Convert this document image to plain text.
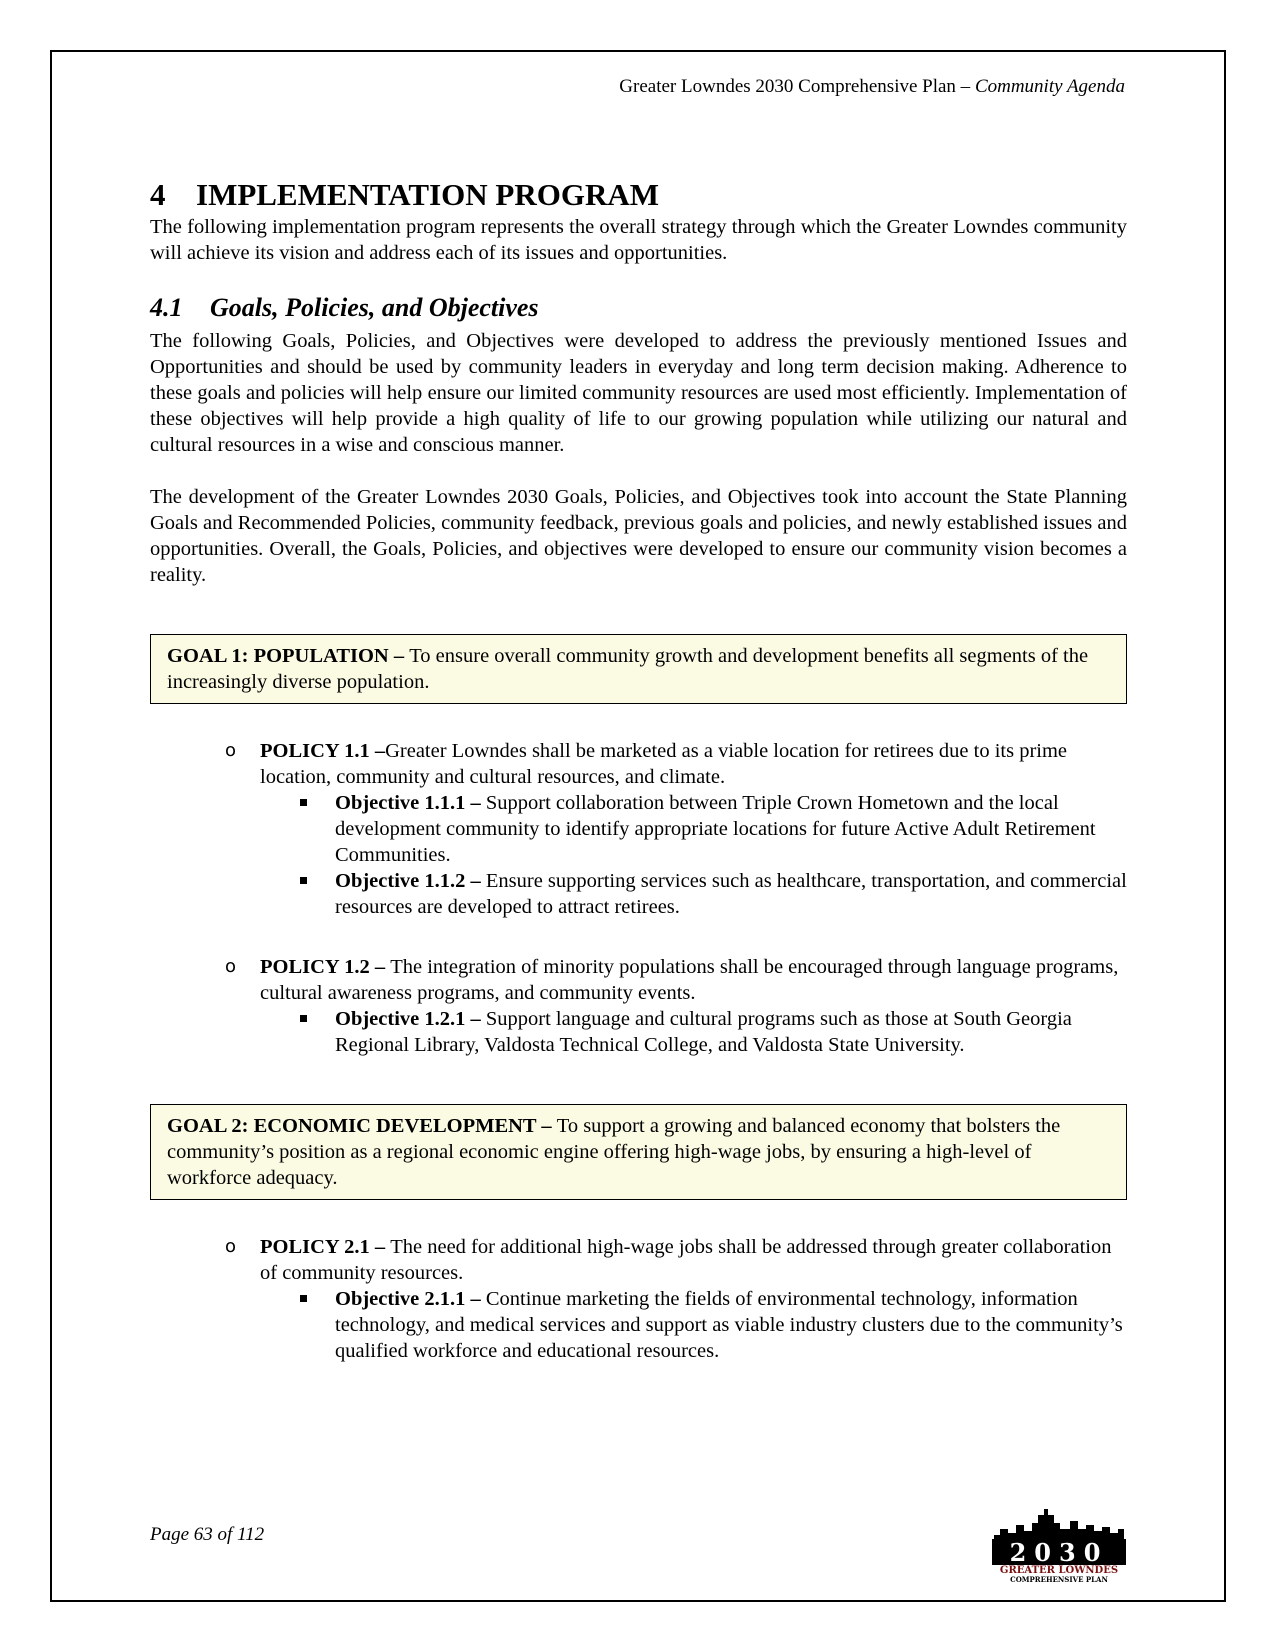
Greater Lowndes 2030 Comprehensive Plan – Community Agenda
4 IMPLEMENTATION PROGRAM

The following implementation program represents the overall strategy through which the Greater Lowndes community will achieve its vision and address each of its issues and opportunities.

4.1 Goals, Policies, and Objectives

The following Goals, Policies, and Objectives were developed to address the previously mentioned Issues and Opportunities and should be used by community leaders in everyday and long term decision making. Adherence to these goals and policies will help ensure our limited community resources are used most efficiently. Implementation of these objectives will help provide a high quality of life to our growing population while utilizing our natural and cultural resources in a wise and conscious manner.

The development of the Greater Lowndes 2030 Goals, Policies, and Objectives took into account the State Planning Goals and Recommended Policies, community feedback, previous goals and policies, and newly established issues and opportunities. Overall, the Goals, Policies, and objectives were developed to ensure our community vision becomes a reality.

GOAL 1: POPULATION – To ensure overall community growth and development benefits all segments of the increasingly diverse population.
o POLICY 1.1 –Greater Lowndes shall be marketed as a viable location for retirees due to its prime location, community and cultural resources, and climate.
Objective 1.1.1 – Support collaboration between Triple Crown Hometown and the local development community to identify appropriate locations for future Active Adult Retirement Communities.
Objective 1.1.2 – Ensure supporting services such as healthcare, transportation, and commercial resources are developed to attract retirees.
o POLICY 1.2 – The integration of minority populations shall be encouraged through language programs, cultural awareness programs, and community events.
Objective 1.2.1 – Support language and cultural programs such as those at South Georgia Regional Library, Valdosta Technical College, and Valdosta State University.
GOAL 2: ECONOMIC DEVELOPMENT – To support a growing and balanced economy that bolsters the community’s position as a regional economic engine offering high-wage jobs, by ensuring a high-level of workforce adequacy.
o POLICY 2.1 – The need for additional high-wage jobs shall be addressed through greater collaboration of community resources.
Objective 2.1.1 – Continue marketing the fields of environmental technology, information technology, and medical services and support as viable industry clusters due to the community’s qualified workforce and educational resources.
Page 63 of 112
2030
GREATER LOWNDES
COMPREHENSIVE PLAN
